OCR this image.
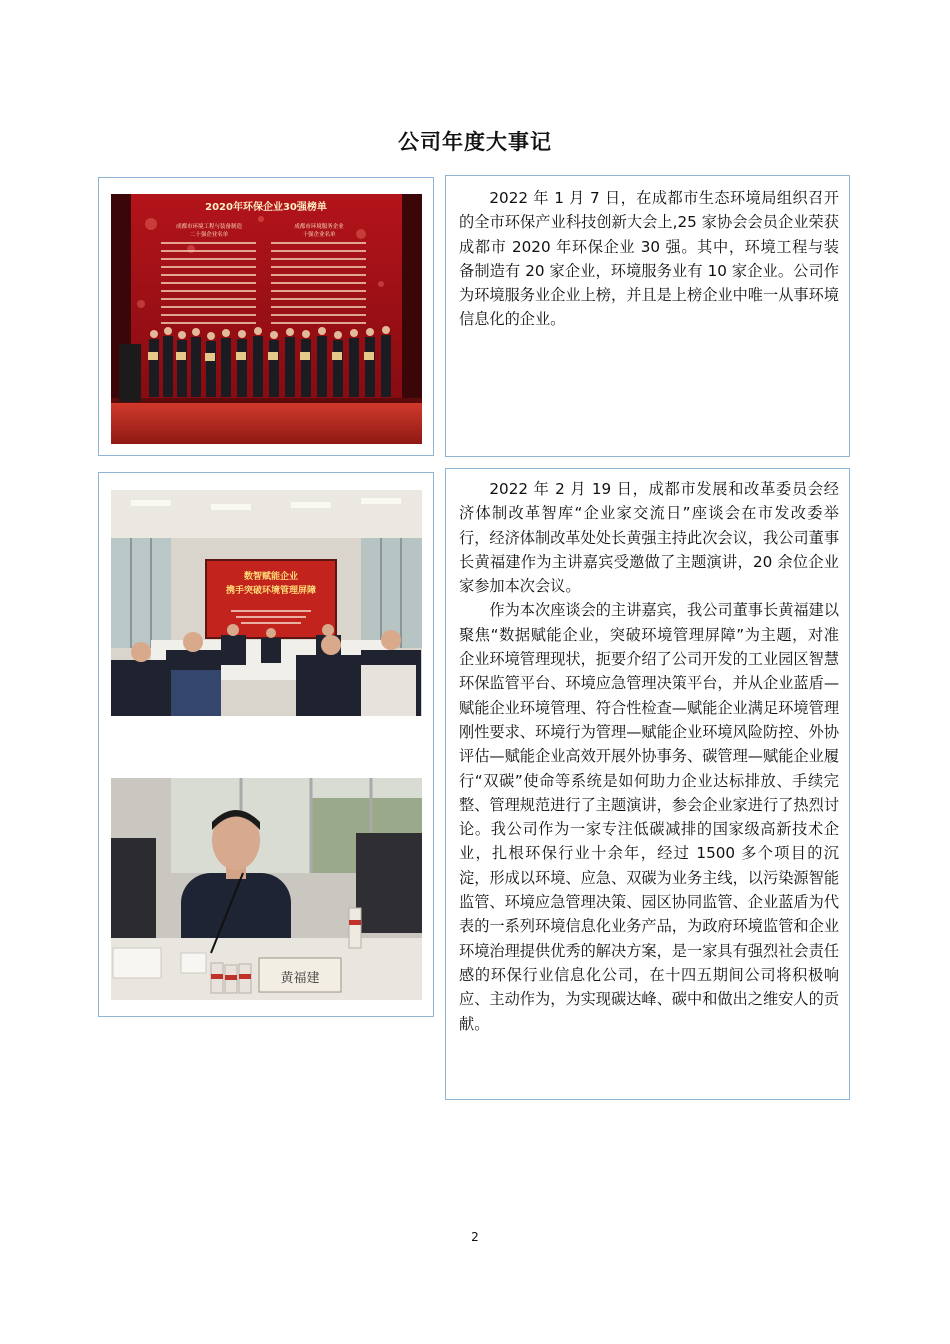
公司年度大事记
2020年环保企业30强榜单
成都市环境工程与装备制造
二十强企业名单
成都市环境服务企业
十强企业名单

2022 年 1 月 7 日，在成都市生态环境局组织召开的全市环保产业科技创新大会上,25 家协会会员企业荣获成都市 2020 年环保企业 30 强。其中，环境工程与装备制造有 20 家企业，环境服务业有 10 家企业。公司作为环境服务业企业上榜，并且是上榜企业中唯一从事环境信息化的企业。

数智赋能企业
携手突破环境管理屏障
黄福建

2022 年 2 月 19 日，成都市发展和改革委员会经济体制改革智库“企业家交流日”座谈会在市发改委举行，经济体制改革处处长黄强主持此次会议，我公司董事长黄福建作为主讲嘉宾受邀做了主题演讲，20 余位企业家参加本次会议。

作为本次座谈会的主讲嘉宾，我公司董事长黄福建以聚焦“数据赋能企业，突破环境管理屏障”为主题，对准企业环境管理现状，扼要介绍了公司开发的工业园区智慧环保监管平台、环境应急管理决策平台，并从企业蓝盾—赋能企业环境管理、符合性检查—赋能企业满足环境管理刚性要求、环境行为管理—赋能企业环境风险防控、外协评估—赋能企业高效开展外协事务、碳管理—赋能企业履行“双碳”使命等系统是如何助力企业达标排放、手续完整、管理规范进行了主题演讲，参会企业家进行了热烈讨论。我公司作为一家专注低碳减排的国家级高新技术企业，扎根环保行业十余年，经过 1500 多个项目的沉淀，形成以环境、应急、双碳为业务主线，以污染源智能监管、环境应急管理决策、园区协同监管、企业蓝盾为代表的一系列环境信息化业务产品，为政府环境监管和企业环境治理提供优秀的解决方案，是一家具有强烈社会责任感的环保行业信息化公司，在十四五期间公司将积极响应、主动作为，为实现碳达峰、碳中和做出之维安人的贡献。

2
